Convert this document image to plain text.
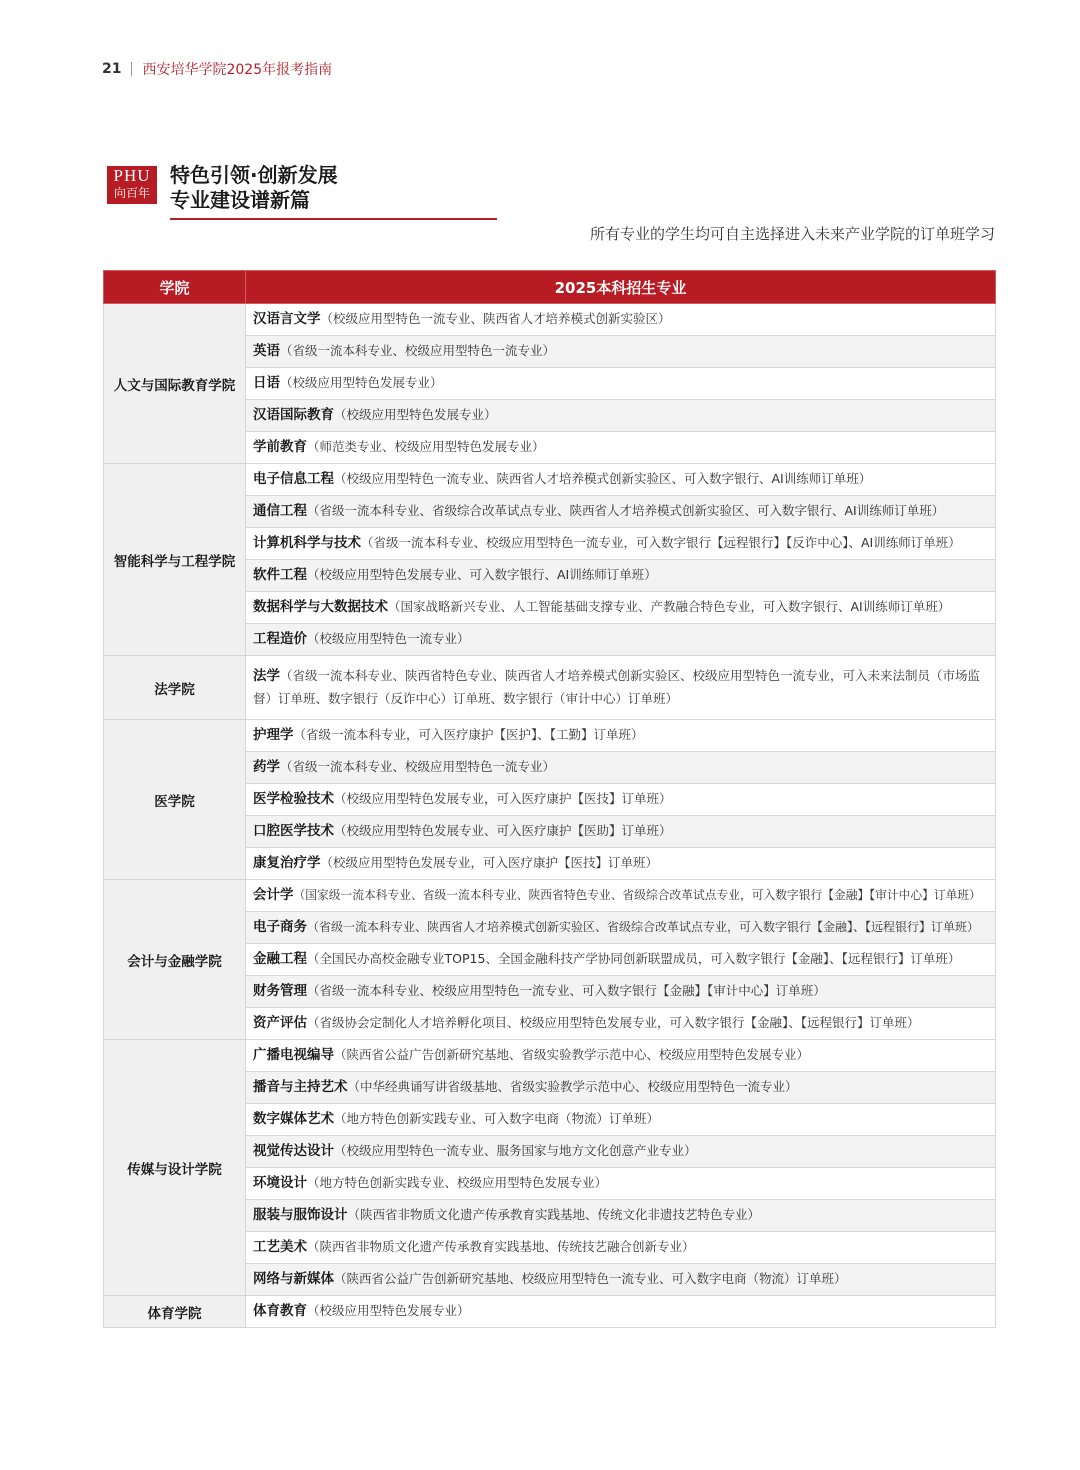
21 西安培华学院2025年报考指南
PHU
向百年
特色引领·创新发展
专业建设谱新篇
所有专业的学生均可自主选择进入未来产业学院的订单班学习
学院	2025本科招生专业
人文与国际教育学院	汉语言文学（校级应用型特色一流专业、陕西省人才培养模式创新实验区）
	英语（省级一流本科专业、校级应用型特色一流专业）
	日语（校级应用型特色发展专业）
	汉语国际教育（校级应用型特色发展专业）
	学前教育（师范类专业、校级应用型特色发展专业）
智能科学与工程学院	电子信息工程（校级应用型特色一流专业、陕西省人才培养模式创新实验区、可入数字银行、AI训练师订单班）
	通信工程（省级一流本科专业、省级综合改革试点专业、陕西省人才培养模式创新实验区、可入数字银行、AI训练师订单班）
	计算机科学与技术（省级一流本科专业、校级应用型特色一流专业，可入数字银行【远程银行】【反诈中心】、AI训练师订单班）
	软件工程（校级应用型特色发展专业、可入数字银行、AI训练师订单班）
	数据科学与大数据技术（国家战略新兴专业、人工智能基础支撑专业、产教融合特色专业，可入数字银行、AI训练师订单班）
	工程造价（校级应用型特色一流专业）
法学院	法学（省级一流本科专业、陕西省特色专业、陕西省人才培养模式创新实验区、校级应用型特色一流专业，可入未来法制员（市场监督）订单班、数字银行（反诈中心）订单班、数字银行（审计中心）订单班）
医学院	护理学（省级一流本科专业，可入医疗康护【医护】、【工勤】订单班）
	药学（省级一流本科专业、校级应用型特色一流专业）
	医学检验技术（校级应用型特色发展专业，可入医疗康护【医技】订单班）
	口腔医学技术（校级应用型特色发展专业、可入医疗康护【医助】订单班）
	康复治疗学（校级应用型特色发展专业，可入医疗康护【医技】订单班）
会计与金融学院	会计学（国家级一流本科专业、省级一流本科专业、陕西省特色专业、省级综合改革试点专业，可入数字银行【金融】【审计中心】订单班）
	电子商务（省级一流本科专业、陕西省人才培养模式创新实验区、省级综合改革试点专业，可入数字银行【金融】、【远程银行】订单班）
	金融工程（全国民办高校金融专业TOP15、全国金融科技产学协同创新联盟成员，可入数字银行【金融】、【远程银行】订单班）
	财务管理（省级一流本科专业、校级应用型特色一流专业、可入数字银行【金融】【审计中心】订单班）
	资产评估（省级协会定制化人才培养孵化项目、校级应用型特色发展专业，可入数字银行【金融】、【远程银行】订单班）
传媒与设计学院	广播电视编导（陕西省公益广告创新研究基地、省级实验教学示范中心、校级应用型特色发展专业）
	播音与主持艺术（中华经典诵写讲省级基地、省级实验教学示范中心、校级应用型特色一流专业）
	数字媒体艺术（地方特色创新实践专业、可入数字电商（物流）订单班）
	视觉传达设计（校级应用型特色一流专业、服务国家与地方文化创意产业专业）
	环境设计（地方特色创新实践专业、校级应用型特色发展专业）
	服装与服饰设计（陕西省非物质文化遗产传承教育实践基地、传统文化非遗技艺特色专业）
	工艺美术（陕西省非物质文化遗产传承教育实践基地、传统技艺融合创新专业）
	网络与新媒体（陕西省公益广告创新研究基地、校级应用型特色一流专业、可入数字电商（物流）订单班）
体育学院	体育教育（校级应用型特色发展专业）
